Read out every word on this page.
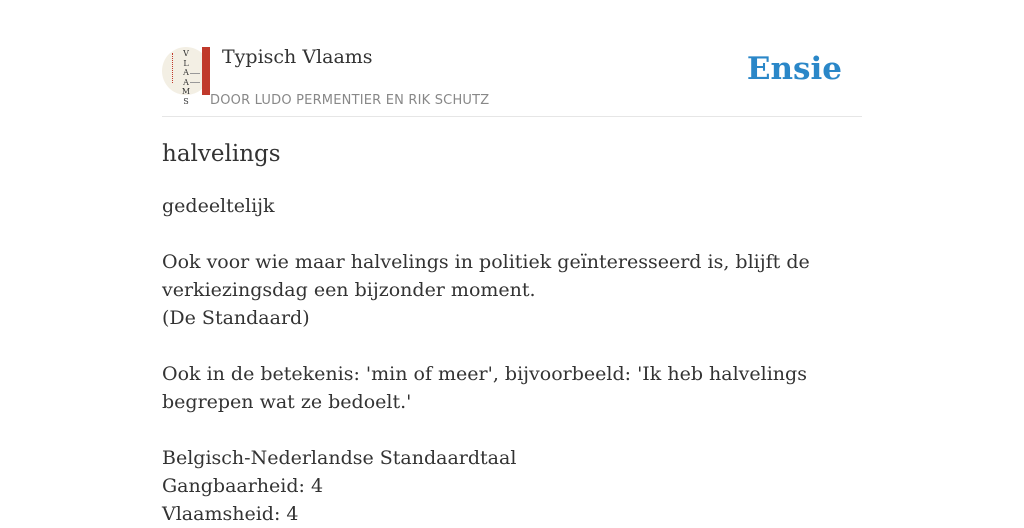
V
L
A
A
M
S
Typisch Vlaams
DOOR LUDO PERMENTIER EN RIK SCHUTZ
Ensie
halvelings
gedeeltelijk
Ook voor wie maar halvelings in politiek geïnteresseerd is, blijft de verkiezingsdag een bijzonder moment.
(De Standaard)
Ook in de betekenis: 'min of meer', bijvoorbeeld: 'Ik heb halvelings begrepen wat ze bedoelt.'
Belgisch-Nederlandse Standaardtaal
Gangbaarheid: 4
Vlaamsheid: 4
